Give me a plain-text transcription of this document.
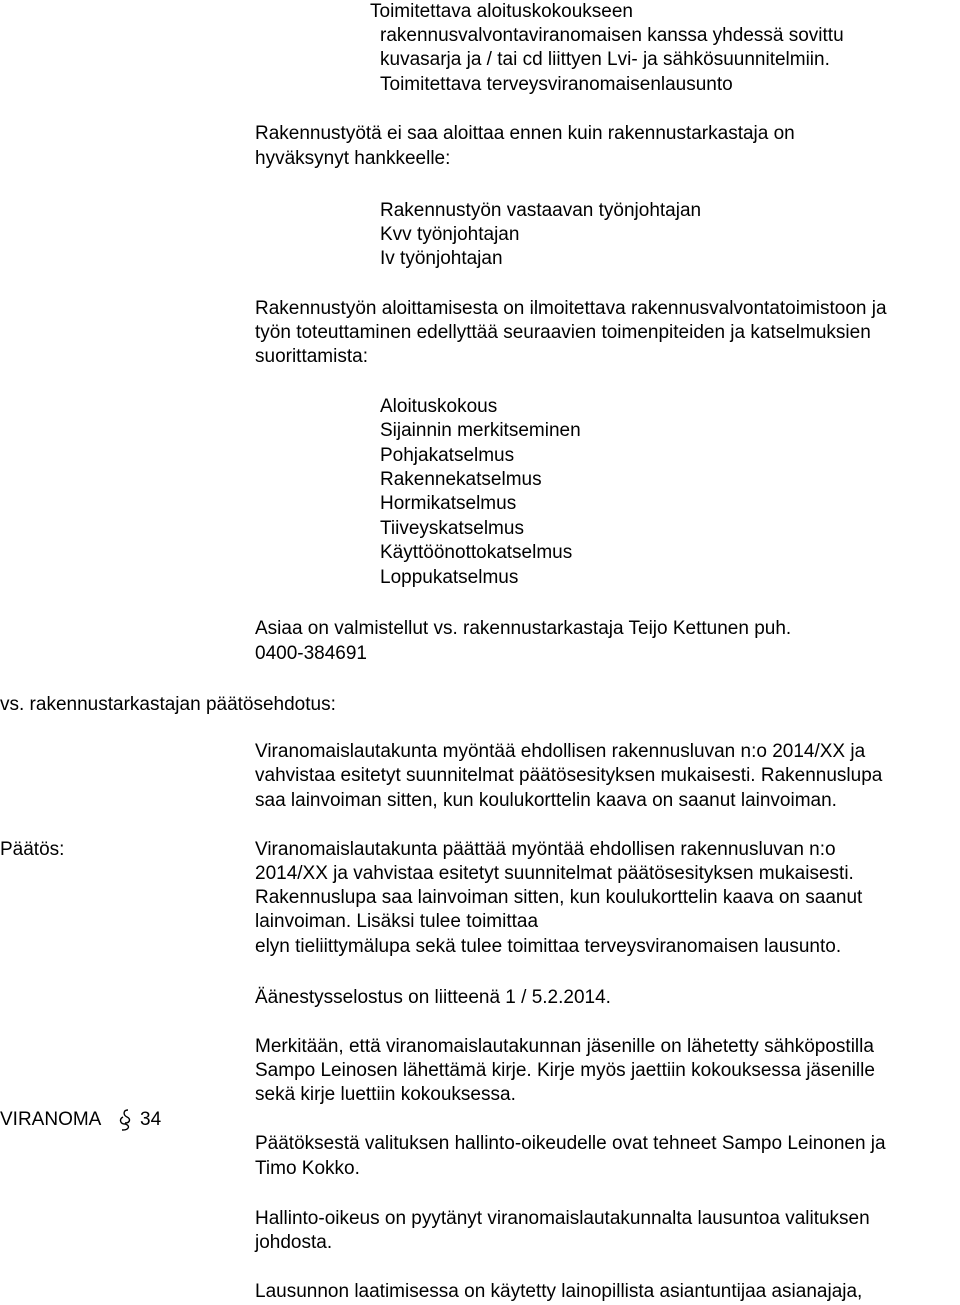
Toimitettava aloituskokoukseen
rakennusvalvontaviranomaisen kanssa yhdessä sovittu
kuvasarja ja / tai cd liittyen Lvi- ja sähkösuunnitelmiin.
Toimitettava terveysviranomaisenlausunto
Rakennustyötä ei saa aloittaa ennen kuin rakennustarkastaja on
hyväksynyt hankkeelle:
Rakennustyön vastaavan työnjohtajan
Kvv työnjohtajan
Iv työnjohtajan
Rakennustyön aloittamisesta on ilmoitettava rakennusvalvontatoimistoon ja
työn toteuttaminen edellyttää seuraavien toimenpiteiden ja katselmuksien
suorittamista:
Aloituskokous
Sijainnin merkitseminen
Pohjakatselmus
Rakennekatselmus
Hormikatselmus
Tiiveyskatselmus
Käyttöönottokatselmus
Loppukatselmus
Asiaa on valmistellut vs. rakennustarkastaja Teijo Kettunen puh.
0400-384691
vs. rakennustarkastajan päätösehdotus:
Viranomaislautakunta myöntää ehdollisen rakennusluvan n:o 2014/XX ja
vahvistaa esitetyt suunnitelmat päätösesityksen mukaisesti. Rakennuslupa
saa lainvoiman sitten, kun koulukorttelin kaava on saanut lainvoiman.
Päätös:	Viranomaislautakunta päättää myöntää ehdollisen rakennusluvan n:o
2014/XX ja vahvistaa esitetyt suunnitelmat päätösesityksen mukaisesti.
Rakennuslupa saa lainvoiman sitten, kun koulukorttelin kaava on saanut
lainvoiman. Lisäksi tulee toimittaa
elyn tieliittymälupa sekä tulee toimittaa terveysviranomaisen lausunto.
Äänestysselostus on liitteenä 1 / 5.2.2014.
Merkitään, että viranomaislautakunnan jäsenille on lähetetty sähköpostilla
Sampo Leinosen lähettämä kirje. Kirje myös jaettiin kokouksessa jäsenille
sekä kirje luettiin kokouksessa.
VIRANOMA 34
Päätöksestä valituksen hallinto-oikeudelle ovat tehneet Sampo Leinonen ja
Timo Kokko.
Hallinto-oikeus on pyytänyt viranomaislautakunnalta lausuntoa valituksen
johdosta.
Lausunnon laatimisessa on käytetty lainopillista asiantuntijaa asianajaja,
